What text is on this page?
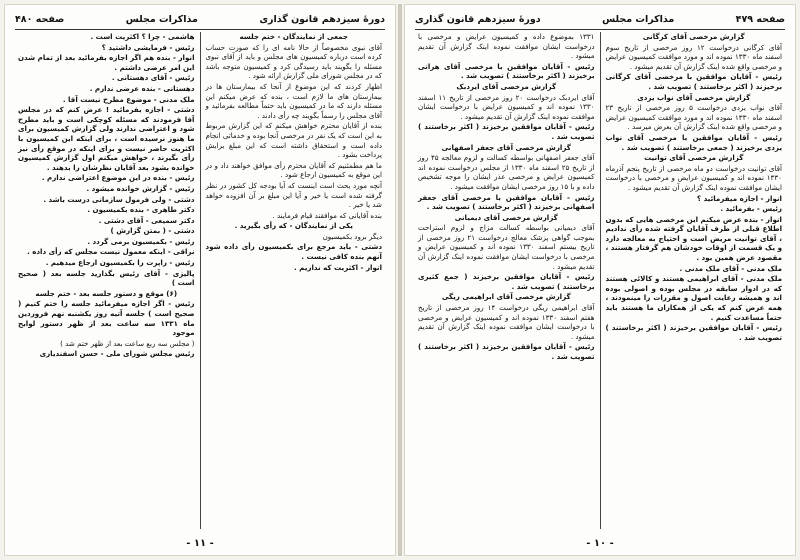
دورهٔ سیزدهم قانون گذاری
مذاکرات مجلس
صفحه ۴۸۰

جمعی از نمایندگان - ختم جلسه

آقای نبوی مخصوصاً از حالا نامه ای را که صورت حساب کرده است درباره کمیسیون های مجلس و باید از آقای نبوی مسئله را بگویند باید رسیدگی کرد و کمیسیون متوجه باشد که در مجلس شورای ملی گزارش ارائه شود .

اظهار کردند که این موضوع از آنجا که بیمارستان ها در بیمارستان های ما لازم است ، بنده که عرض میکنم این مسئله دارند که ما در کمیسیون باید حتماً مطالعه بفرمائید و آقای مجلس را رسماً بگویند چه رأی دادند .

بنده از آقایان محترم خواهش میکنم که این گزارش مربوط به این است که یک نفر در مرخصی آنجا بوده و خدماتی انجام داده است و استحقاق داشته است که این مبلغ برایش پرداخت بشود .

ما هم مطمئنیم که آقایان محترم رأی موافق خواهند داد و در این موقع به کمیسیون ارجاع شود .

آنچه مورد بحث است اینست که آیا بودجه کل کشور در نظر گرفته شده است یا خیر و آیا این مبلغ بر آن افزوده خواهد شد یا خیر .

بنده آقایانی که موافقند قیام فرمایند .

یکی از نمایندگان - که رأی بگیرید .

دیگر برود بکمیسیون

دشتی - باید مرجع برای بکمیسیون رأی داده شود آنهم بنده کافی نیست .

انوار - اکثریت که نداریم .

هاشمی - چرا ؟ اکثریت است .

رئیس - فرمایشی داشتید ؟

انوار - بنده هم اگر اجازه بفرمائید بعد از تمام شدن این امر عرضی داشتم .

رئیس - آقای دهستانی .

دهستانی - بنده عرضی ندارم .

ملک مدنی - موضوع مطرح نیست آقا .

دشتی - اجازه بفرمائید ! عرض کنم که در مجلس آقا فرمودند که مسئله کوچکی است و باید مطرح شود و اعتراضی ندارند ولی گزارش کمیسیون برای ما هنوز نرسیده است ، برای اینکه این کمیسیون با اکثریت حاضر نیست و برای اینکه در موقع رأی نیز رأی بگیرند ، خواهش میکنم اول گزارش کمیسیون خوانده بشود بعد آقایان نظرشان را بدهند .

رئیس - بنده در این موضوع اعتراضی ندارم .

رئیس - گزارش خوانده میشود .

دشتی - ولی فرمول سازمانی درست باشد .

دکتر طاهری - بنده بکمیسیون .

دکتر سمیعی - آقای دشتی .

دشتی - ( بمتن گزارش )

رئیس - بکمیسیون برمی گردد .

نراقی - اینکه معمول نیست مجلس که رأی داده .

رئیس - راپرت را بکمیسیون ارجاع میدهیم .

پالیزی - آقای رئیس بگذارید جلسه بعد ( صحیح است )

(۶) موقع و دستور جلسه بعد - ختم جلسه

رئیس - اگر اجازه میفرمائید جلسه را ختم کنیم ( صحیح است ) جلسه آتیه روز یکشنبه نهم فروردین ماه ۱۳۳۱ سه ساعت بعد از ظهر دستور لوایح موجود

( مجلس سه ربع ساعت بعد از ظهر ختم شد )

رئیس مجلس شورای ملی - حسن اسفندیاری

- ۱۱ -
صفحه ۴۷۹
مذاکرات مجلس
دورهٔ سیزدهم قانون گذاری

گزارش مرخصی آقای کرگانی

آقای کرگانی درخواست ۱۲ روز مرخصی از تاریخ سوم اسفند ماه ۱۳۳۰ نموده اند و مورد موافقت کمیسیون عرایض و مرخصی واقع شده اینک گزارش آن تقدیم میشود .

رئیس - آقایان موافقین با مرخصی آقای کرگانی برخیزند ( اکثر برخاستند ) تصویب شد .

گزارش مرخصی آقای نواب یزدی

آقای نواب یزدی درخواست ۵ روز مرخصی از تاریخ ۲۳ اسفند ماه ۱۳۳۰ نموده اند و مورد موافقت کمیسیون عرایض و مرخصی واقع شده اینک گزارش آن بعرض میرسد .

رئیس - آقایان موافقین با مرخصی آقای نواب یزدی برخیزند ( جمعی برخاستند ) تصویب شد .

گزارش مرخصی آقای توانیت

آقای توانیت درخواست دو ماه مرخصی از تاریخ پنجم آذرماه ۱۳۳۰ نموده اند و کمیسیون عرایض و مرخصی با درخواست ایشان موافقت نموده اینک گزارش آن تقدیم میشود .

انوار - اجازه میفرمائید ؟

رئیس - بفرمائید .

انوار - بنده عرض میکنم این مرخصی هایی که بدون اطلاع قبلی از طرف آقایان گرفته شده رأی ندادیم ، آقای توانیت مریض است و احتیاج به معالجه دارد و یک قسمت از اوقات خودشان هم گرفتار هستند ، مقصود عرض همین بود .

ملک مدنی - آقای ملک مدنی .

ملک مدنی - آقای ابراهیمی هستند و کالائی هستند که در ادوار سابقه در مجلس بوده و اصولی بوده اند و همیشه رعایت اصول و مقررات را مینمودند ، همه عرض کنم که یکی از همکاران ما هستند باید حتماً مساعدت کنیم .

رئیس - آقایان موافقین برخیزند ( اکثر برخاستند ) تصویب شد .

۱۳۳۱ بموضوع داده و کمیسیون عرایض و مرخصی با درخواست ایشان موافقت نموده اینک گزارش آن تقدیم میشود .

رئیس - آقایان موافقین با مرخصی آقای هراتی برخیزند ( اکثر برخاستند ) تصویب شد .

گزارش مرخصی آقای ایردبک

آقای ایردبک درخواست ۲۰ روز مرخصی از تاریخ ۱۱ اسفند ۱۳۳۰ نموده اند و کمیسیون عرایض با درخواست ایشان موافقت نموده اینک گزارش آن تقدیم میشود .

رئیس - آقایان موافقین برخیزند ( اکثر برخاستند ) تصویب شد .

گزارش مرخصی آقای جعفر اصفهانی

آقای جعفر اصفهانی بواسطه کسالت و لزوم معالجه ۴۵ روز از تاریخ ۲۵ اسفند ماه ۱۳۳۰ از مجلس درخواست نموده اند کمیسیون عرایض و مرخصی عذر ایشان را موجه تشخیص داده و با ۱۵ روز مرخصی ایشان موافقت میشود .

رئیس - آقایان موافقین با مرخصی آقای جعفر اصفهانی برخیزند ( اکثر برخاستند ) تصویب شد .

گزارش مرخصی آقای دیمیانی

آقای دیمیانی بواسطه کسالت مزاج و لزوم استراحت بموجب گواهی پزشک معالج درخواست ۲۱ روز مرخصی از تاریخ بیستم اسفند ۱۳۳۰ نموده اند و کمیسیون عرایض و مرخصی با درخواست ایشان موافقت نموده اینک گزارش آن تقدیم میشود .

رئیس - آقایان موافقین برخیزند ( جمع کثیری برخاستند ) تصویب شد .

گزارش مرخصی آقای ابراهیمی ریگی

آقای ابراهیمی ریگی درخواست ۱۴ روز مرخصی از تاریخ هفتم اسفند ۱۳۳۰ نموده اند و کمیسیون عرایض و مرخصی با درخواست ایشان موافقت نموده اینک گزارش آن تقدیم میشود .

رئیس - آقایان موافقین برخیزند ( اکثر برخاستند ) تصویب شد .

- ۱۰ -
